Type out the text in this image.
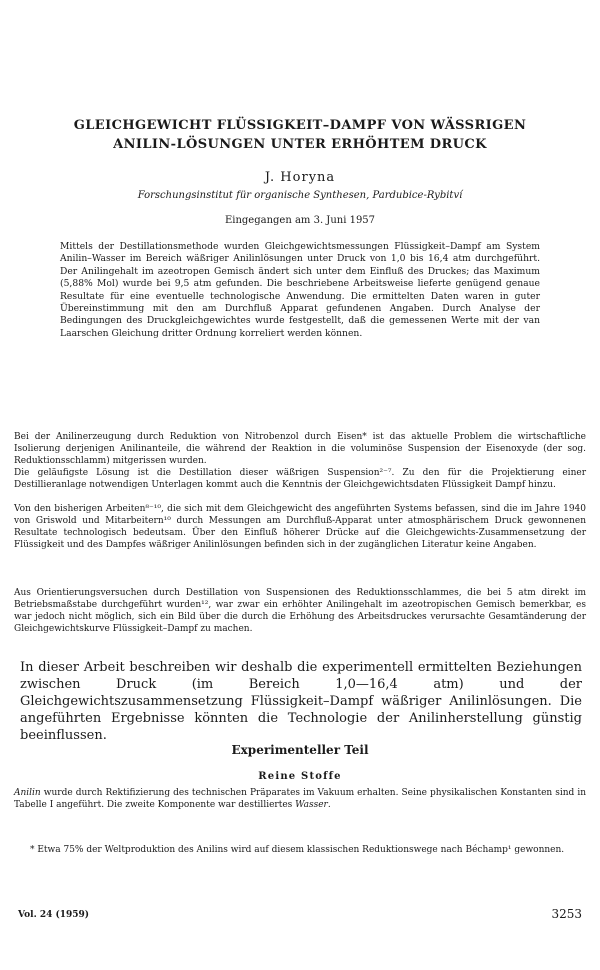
GLEICHGEWICHT FLÜSSIGKEIT–DAMPF VON WÄSSRIGEN
ANILIN-LÖSUNGEN UNTER ERHÖHTEM DRUCK

J. Horyna

Forschungsinstitut für organische Synthesen, Pardubice-Rybitví

Eingegangen am 3. Juni 1957

Mittels der Destillationsmethode wurden Gleichgewichtsmessungen Flüssigkeit–Dampf am System Anilin–Wasser im Bereich wäßriger Anilinlösungen unter Druck von 1,0 bis 16,4 atm durchgeführt. Der Anilingehalt im azeotropen Gemisch ändert sich unter dem Einfluß des Druckes; das Maximum (5,88% Mol) wurde bei 9,5 atm gefunden. Die beschriebene Arbeitsweise lieferte genügend genaue Resultate für eine eventuelle technologische Anwendung. Die ermittelten Daten waren in guter Übereinstimmung mit den am Durchfluß Apparat gefundenen Angaben. Durch Analyse der Bedingungen des Druckgleichgewichtes wurde festgestellt, daß die gemessenen Werte mit der van Laarschen Gleichung dritter Ordnung korreliert werden können.

Bei der Anilinerzeugung durch Reduktion von Nitrobenzol durch Eisen* ist das aktuelle Problem die wirtschaftliche Isolierung derjenigen Anilinanteile, die während der Reaktion in die voluminöse Suspension der Eisenoxyde (der sog. Reduktionsschlamm) mitgerissen wurden.

Die geläufigste Lösung ist die Destillation dieser wäßrigen Suspension²⁻⁷. Zu den für die Projektierung einer Destillieranlage notwendigen Unterlagen kommt auch die Kenntnis der Gleichgewichtsdaten Flüssigkeit Dampf hinzu.

Von den bisherigen Arbeiten⁸⁻¹⁰, die sich mit dem Gleichgewicht des angeführten Systems befassen, sind die im Jahre 1940 von Griswold und Mitarbeitern¹⁰ durch Messungen am Durchfluß-Apparat unter atmosphärischem Druck gewonnenen Resultate technologisch bedeutsam. Über den Einfluß höherer Drücke auf die Gleichgewichts-Zusammensetzung der Flüssigkeit und des Dampfes wäßriger Anilinlösungen befinden sich in der zugänglichen Literatur keine Angaben.

Aus Orientierungsversuchen durch Destillation von Suspensionen des Reduktionsschlammes, die bei 5 atm direkt im Betriebsmaßstabe durchgeführt wurden¹², war zwar ein erhöhter Anilingehalt im azeotropischen Gemisch bemerkbar, es war jedoch nicht möglich, sich ein Bild über die durch die Erhöhung des Arbeitsdruckes verursachte Gesamtänderung der Gleichgewichtskurve Flüssigkeit–Dampf zu machen.

In dieser Arbeit beschreiben wir deshalb die experimentell ermittelten Beziehungen zwischen Druck (im Bereich 1,0—16,4 atm) und der Gleichgewichtszusammensetzung Flüssigkeit–Dampf wäßriger Anilinlösungen. Die angeführten Ergebnisse könnten die Technologie der Anilinherstellung günstig beeinflussen.

Experimenteller Teil
Reine Stoffe

Anilin wurde durch Rektifizierung des technischen Präparates im Vakuum erhalten. Seine physikalischen Konstanten sind in Tabelle I angeführt. Die zweite Komponente war destilliertes Wasser.

* Etwa 75% der Weltproduktion des Anilins wird auf diesem klassischen Reduktionswege nach Béchamp¹ gewonnen.

Vol. 24 (1959)	3253
